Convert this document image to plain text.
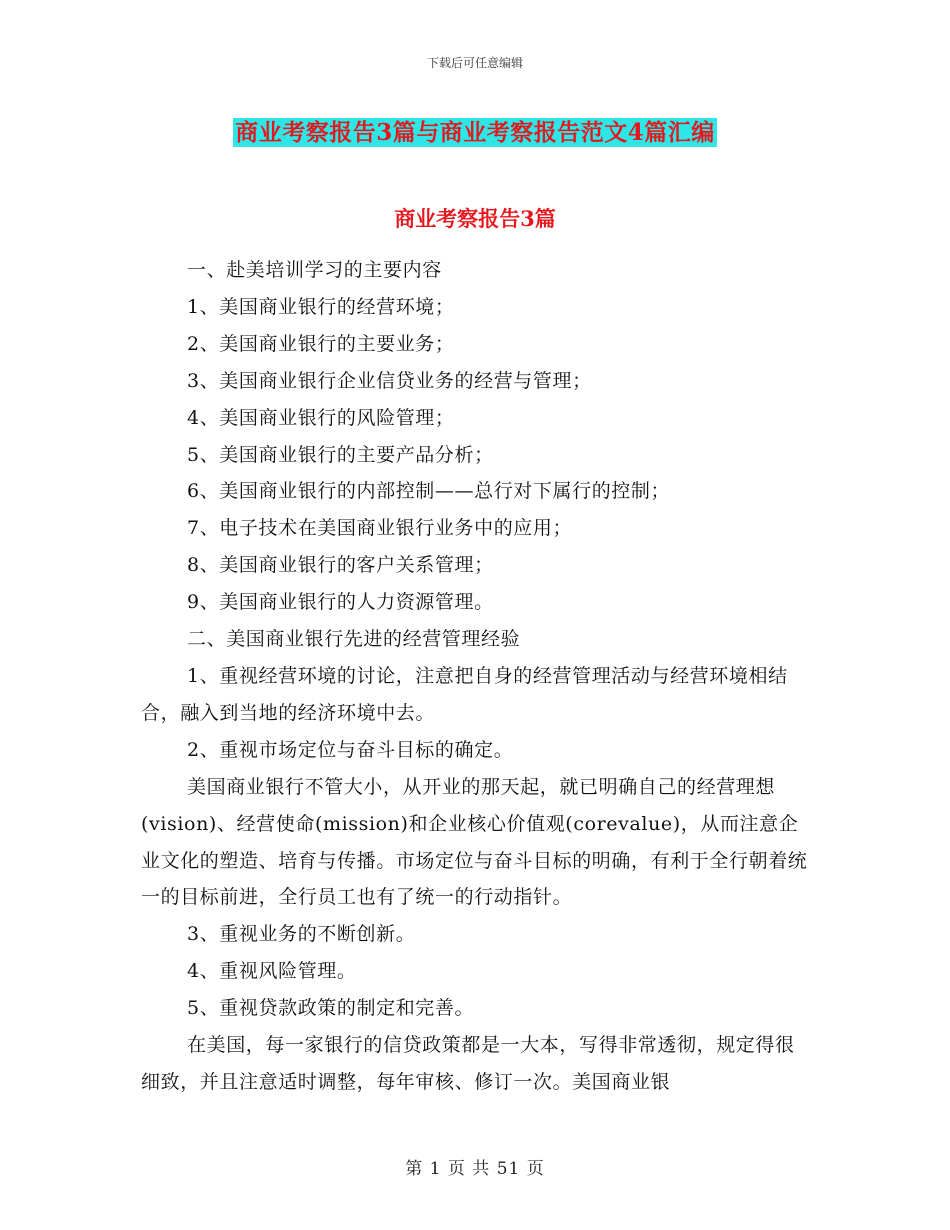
下载后可任意编辑
商业考察报告3篇与商业考察报告范文4篇汇编
商业考察报告3篇

一、赴美培训学习的主要内容

1、美国商业银行的经营环境；

2、美国商业银行的主要业务；

3、美国商业银行企业信贷业务的经营与管理；

4、美国商业银行的风险管理；

5、美国商业银行的主要产品分析；

6、美国商业银行的内部控制——总行对下属行的控制；

7、电子技术在美国商业银行业务中的应用；

8、美国商业银行的客户关系管理；

9、美国商业银行的人力资源管理。

二、美国商业银行先进的经营管理经验

1、重视经营环境的讨论，注意把自身的经营管理活动与经营环境相结合，融入到当地的经济环境中去。

2、重视市场定位与奋斗目标的确定。

美国商业银行不管大小，从开业的那天起，就已明确自己的经营理想(vision)、经营使命(mission)和企业核心价值观(corevalue)，从而注意企业文化的塑造、培育与传播。市场定位与奋斗目标的明确，有利于全行朝着统一的目标前进，全行员工也有了统一的行动指针。

3、重视业务的不断创新。

4、重视风险管理。

5、重视贷款政策的制定和完善。

在美国，每一家银行的信贷政策都是一大本，写得非常透彻，规定得很细致，并且注意适时调整，每年审核、修订一次。美国商业银

第 1 页 共 51 页
